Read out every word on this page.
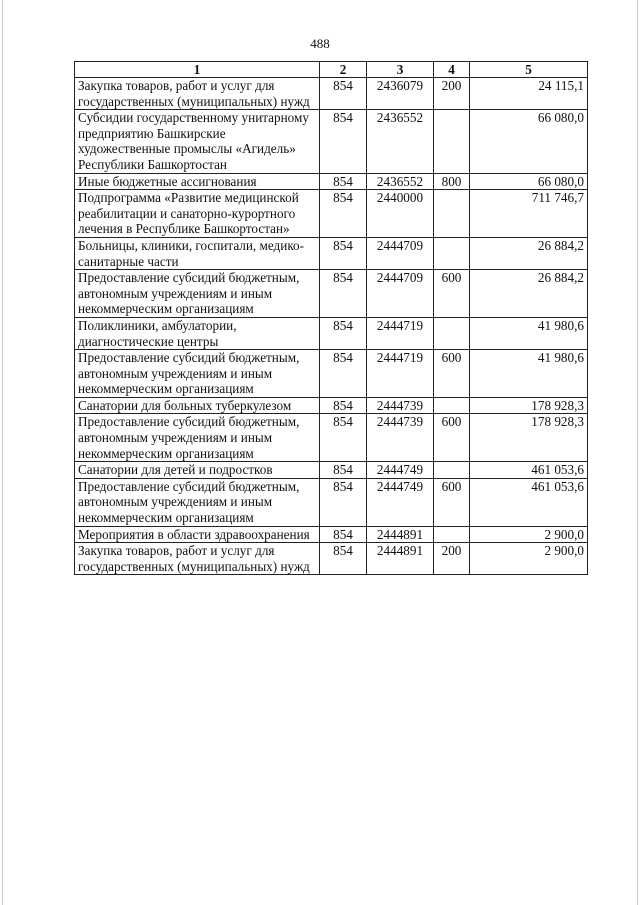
488
1	2	3	4	5
Закупка товаров, работ и услуг для государственных (муниципальных) нужд	854	2436079	200	24 115,1
Субсидии государственному унитарному предприятию Башкирские художественные промыслы «Агидель» Республики Башкортостан	854	2436552		66 080,0
Иные бюджетные ассигнования	854	2436552	800	66 080,0
Подпрограмма «Развитие медицинской реабилитации и санаторно-курортного лечения в Республике Башкортостан»	854	2440000		711 746,7
Больницы, клиники, госпитали, медико-санитарные части	854	2444709		26 884,2
Предоставление субсидий бюджетным, автономным учреждениям и иным некоммерческим организациям	854	2444709	600	26 884,2
Поликлиники, амбулатории, диагностические центры	854	2444719		41 980,6
Предоставление субсидий бюджетным, автономным учреждениям и иным некоммерческим организациям	854	2444719	600	41 980,6
Санатории для больных туберкулезом	854	2444739		178 928,3
Предоставление субсидий бюджетным, автономным учреждениям и иным некоммерческим организациям	854	2444739	600	178 928,3
Санатории для детей и подростков	854	2444749		461 053,6
Предоставление субсидий бюджетным, автономным учреждениям и иным некоммерческим организациям	854	2444749	600	461 053,6
Мероприятия в области здравоохранения	854	2444891		2 900,0
Закупка товаров, работ и услуг для государственных (муниципальных) нужд	854	2444891	200	2 900,0
